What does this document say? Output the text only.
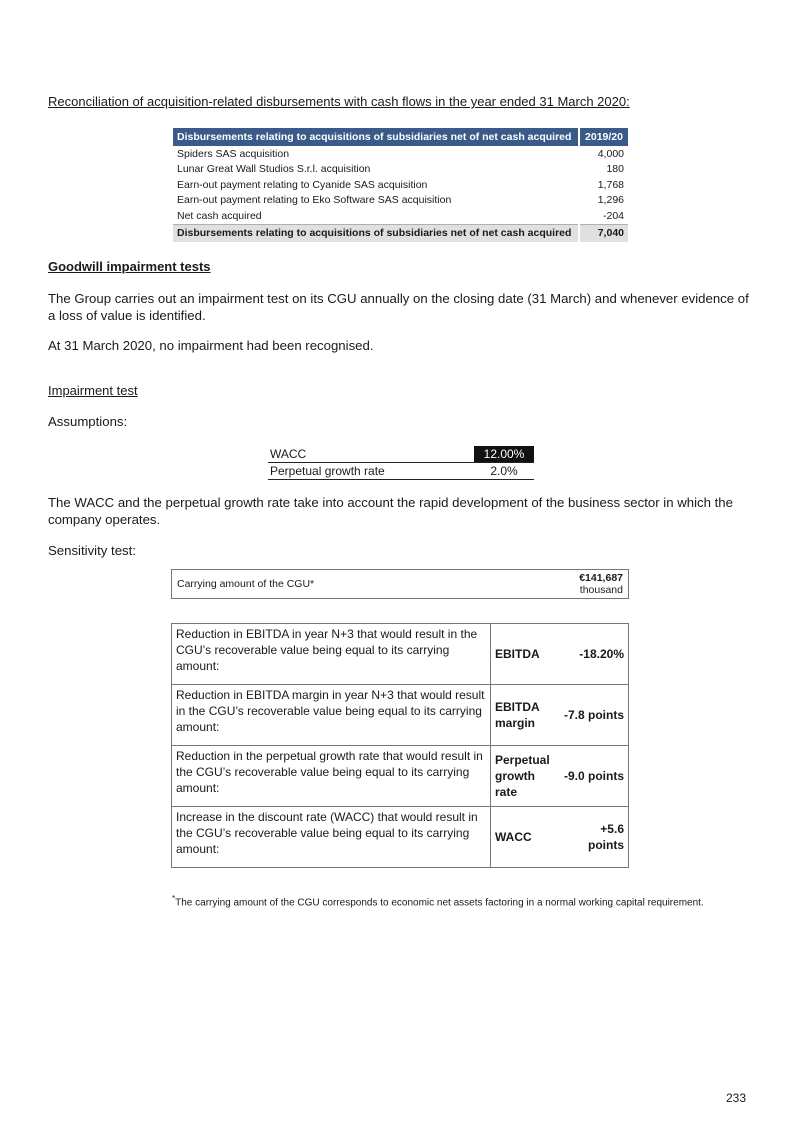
Reconciliation of acquisition-related disbursements with cash flows in the year ended 31 March 2020:
Disbursements relating to acquisitions of subsidiaries net of net cash acquired	2019/20
Spiders SAS acquisition	4,000
Lunar Great Wall Studios S.r.l. acquisition	180
Earn-out payment relating to Cyanide SAS acquisition	1,768
Earn-out payment relating to Eko Software SAS acquisition	1,296
Net cash acquired	-204
Disbursements relating to acquisitions of subsidiaries net of net cash acquired	7,040
Goodwill impairment tests
The Group carries out an impairment test on its CGU annually on the closing date (31 March) and whenever evidence of a loss of value is identified.
At 31 March 2020, no impairment had been recognised.
Impairment test
Assumptions:
WACC	12.00%
Perpetual growth rate	2.0%
The WACC and the perpetual growth rate take into account the rapid development of the business sector in which the company operates.
Sensitivity test:
Carrying amount of the CGU*	€141,687
thousand
Reduction in EBITDA in year N+3 that would result in the CGU’s recoverable value being equal to its carrying amount:	EBITDA	-18.20%
Reduction in EBITDA margin in year N+3 that would result in the CGU’s recoverable value being equal to its carrying amount:	EBITDA margin	-7.8 points
Reduction in the perpetual growth rate that would result in the CGU’s recoverable value being equal to its carrying amount:	Perpetual growth rate	-9.0 points
Increase in the discount rate (WACC) that would result in the CGU’s recoverable value being equal to its carrying amount:	WACC	+5.6 points
*The carrying amount of the CGU corresponds to economic net assets factoring in a normal working capital requirement.
233
